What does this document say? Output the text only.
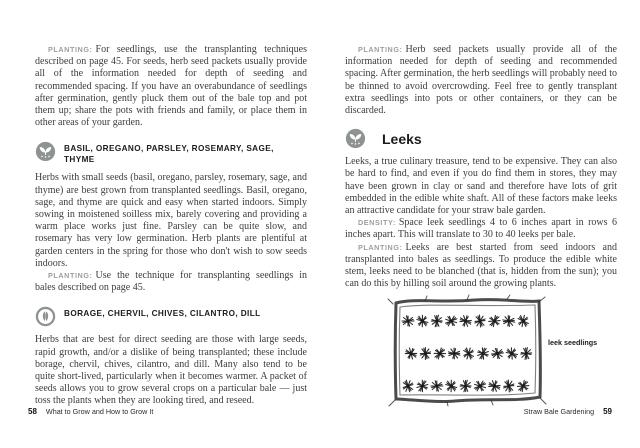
PLANTING: For seedlings, use the transplanting techniques described on page 45. For seeds, herb seed packets usually provide all of the information needed for depth of seeding and recommended spacing. If you have an overabundance of seedlings after germination, gently pluck them out of the bale top and pot them up; share the pots with friends and family, or place them in other areas of your garden.

BASIL, OREGANO, PARSLEY, ROSEMARY, SAGE, THYME

Herbs with small seeds (basil, oregano, parsley, rosemary, sage, and thyme) are best grown from transplanted seedlings. Basil, oregano, sage, and thyme are quick and easy when started indoors. Simply sowing in moistened soilless mix, barely covering and providing a warm place works just fine. Parsley can be quite slow, and rosemary has very low germination. Herb plants are plentiful at garden centers in the spring for those who don't wish to sow seeds indoors.

PLANTING: Use the technique for transplanting seedlings in bales described on page 45.

BORAGE, CHERVIL, CHIVES, CILANTRO, DILL

Herbs that are best for direct seeding are those with large seeds, rapid growth, and/or a dislike of being transplanted; these include borage, chervil, chives, cilantro, and dill. Many also tend to be quite short-lived, particularly when it becomes warmer. A packet of seeds allows you to grow several crops on a particular bale — just toss the plants when they are looking tired, and reseed.

58 What to Grow and How to Grow It

PLANTING: Herb seed packets usually provide all of the information needed for depth of seeding and recommended spacing. After germination, the herb seedlings will probably need to be thinned to avoid overcrowding. Feel free to gently transplant extra seedlings into pots or other containers, or they can be discarded.

Leeks

Leeks, a true culinary treasure, tend to be expensive. They can also be hard to find, and even if you do find them in stores, they may have been grown in clay or sand and therefore have lots of grit embedded in the edible white shaft. All of these factors make leeks an attractive candidate for your straw bale garden.

DENSITY: Space leek seedlings 4 to 6 inches apart in rows 6 inches apart. This will translate to 30 to 40 leeks per bale.

PLANTING: Leeks are best started from seed indoors and transplanted into bales as seedlings. To produce the edible white stem, leeks need to be blanched (that is, hidden from the sun); you can do this by hilling soil around the growing plants.

leek seedlings
Straw Bale Gardening 59
